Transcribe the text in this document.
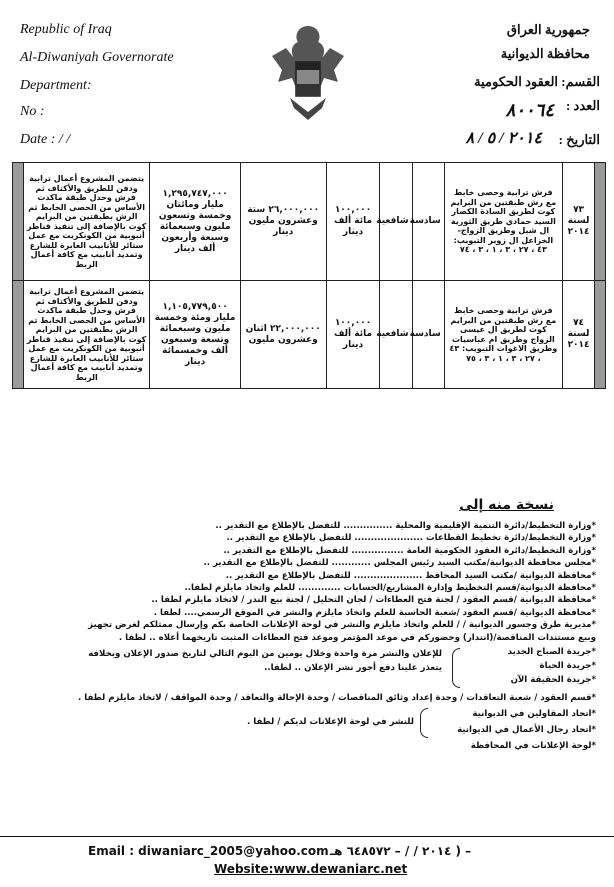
Republic of Iraq
Al-Diwaniyah Governorate
Department:
No :
Date : / /
جمهورية العراق
محافظة الديوانية
القسم: العقود الحكومية
العدد :
٨٠٠٦٤
التاريخ :
٢٠١٤ / ٥ / ٨
	يتضمن المشروع أعمال ترابية ودفن للطريق والأكتاف ثم فرش وحدل طبقة ماكدت الأساس من الحصى الخابط ثم الرش بطبقتين من البرايم كوت بالإضافة إلى تنفيذ قناطر أنبوبية من الكونكريت مع عمل ستائر للأنابيب العابرة للشارع وتمديد أنابيب مع كافة أعمال الربط	١,٢٩٥,٧٤٧,٠٠٠ مليار ومائتان وخمسة وتسعون مليون وسبعمائة وسبعة وأربعون ألف دينار	٢٦,٠٠٠,٠٠٠ ستة وعشرون مليون دينار	١٠٠,٠٠٠ مائة ألف دينار	شافعية	سادسة	فرش ترابية وحصى خابط مع رش طبقتين من البرايم كوت لطريق السادة الكصار السيد حمادي طريق الثورية ال شبل وطريق الزواج-الخزاعل ال زوير التبويب: ٤٣ ، ٢٧ ، ٣ ، ١ ، ٣ ، ٧٤	٧٣ لسنة ٢٠١٤	
	يتضمن المشروع أعمال ترابية ودفن للطريق والأكتاف ثم فرش وحدل طبقة ماكدت الأساس من الحصى الخابط ثم الرش بطبقتين من البرايم كوت بالإضافة إلى تنفيذ قناطر أنبوبية من الكونكريت مع عمل ستائر للأنابيب العابرة للشارع وتمديد أنابيب مع كافة أعمال الربط	١,١٠٥,٧٧٩,٥٠٠ مليار ومئة وخمسة مليون وسبعمائة وتسعة وسبعون ألف وخمسمائة دينار	٢٢,٠٠٠,٠٠٠ اثنان وعشرون مليون	١٠٠,٠٠٠ مائة ألف دينار	شافعية	سادسة	فرش ترابية وحصى خابط مع رش طبقتين من البرايم كوت لطريق ال عيسى الزواج وطريق ام عباسيات وطريق الاغوات التبويب: ٤٣ ، ٢٧ ، ٣ ، ١ ، ٣ ، ٧٥	٧٤ لسنة ٢٠١٤	
نسخة منه إلى
*وزارة التخطيط/دائرة التنمية الإقليمية والمحلية ............... للتفضل بالإطلاع مع التقدير ..
*وزارة التخطيط/دائرة تخطيط القطاعات ..................... للتفضل بالإطلاع مع التقدير ..
*وزارة التخطيط/دائرة العقود الحكومية العامة ................ للتفضل بالإطلاع مع التقدير ..
*مجلس محافظة الديوانية/مكتب السيد رئيس المجلس ............ للتفضل بالإطلاع مع التقدير ..
*محافظة الديوانية /مكتب السيد المحافظ ..................... للتفضل بالإطلاع مع التقدير ..
*محافظة الديوانية/قسم التخطيط وإدارة المشاريع/الحسابات ............. للعلم واتخاذ مايلزم لطفا..
*محافظة الديوانية /قسم العقود / لجنة فتح العطاءات / لجان التحليل / لجنة بيع الندر / لاتخاذ مايلزم لطفا ..
*محافظة الديوانية /قسم العقود /شعبة الحاسبة للعلم واتخاذ مايلزم والنشر في الموقع الرسمي.... لطفا .
*مديرية طرق وجسور الديوانية / / للعلم واتخاذ مايلزم والنشر في لوحة الإعلانات الخاصة بكم وإرسال ممثلكم لغرض تجهيز
وبيع مستندات المناقصة/(انتدار) وحضوركم في موعد المؤتمر وموعد فتح العطاءات المثبت تاريخهما أعلاه .. لطفا .
*جريدة الصباح الجديد
*جريدة الحياة
*جريدة الحقيقة الآن
للإعلان والنشر مرة واحدة وخلال يومين من اليوم التالي لتاريخ صدور الإعلان وبخلافه
يتعذر علينا دفع أجور نشر الإعلان .. لطفا..
*قسم العقود / شعبة التعاقدات / وحدة إعداد وثائق المناقصات / وحدة الإحالة والتعاقد / وحدة المواقف / لاتخاذ مايلزم لطفا .
*اتحاد المقاولين في الديوانية
*اتحاد رجال الأعمال في الديوانية
*لوحة الإعلانات في المحافظة
للنشر في لوحة الإعلانات لديكم / لطفا .
Email : diwaniarc_2005@yahoo.com – ( ٢٠١٤ / / – ٦٤٨٥٧٢ هـ
Website:www.dewaniarc.net
